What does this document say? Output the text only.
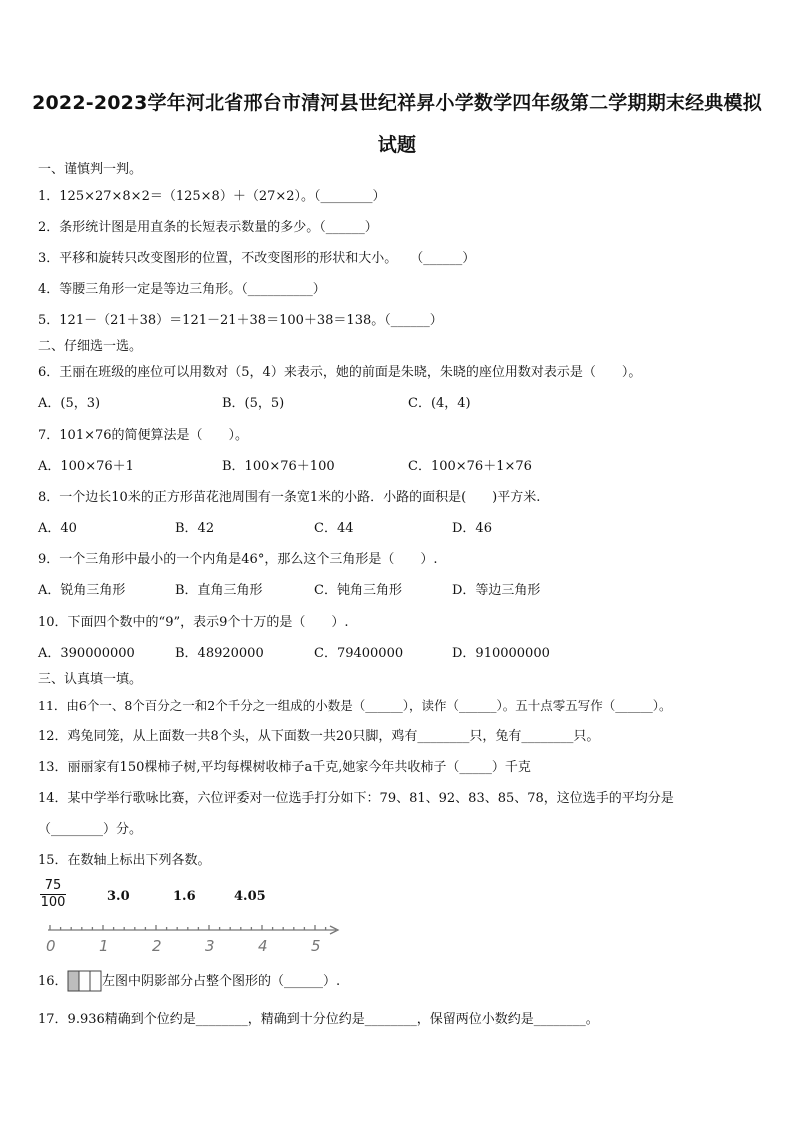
2022-2023学年河北省邢台市清河县世纪祥昇小学数学四年级第二学期期末经典模拟
试题
一、谨慎判一判。
1．125×27×8×2＝（125×8）＋（27×2）。（________）
2．条形统计图是用直条的长短表示数量的多少。（______）
3．平移和旋转只改变图形的位置，不改变图形的形状和大小。　　（______）
4．等腰三角形一定是等边三角形。（__________）
5．121－（21＋38）＝121－21＋38＝100＋38＝138。（______）
二、仔细选一选。
6．王丽在班级的座位可以用数对（5，4）来表示，她的前面是朱晓，朱晓的座位用数对表示是（　　）。
A．(5，3)	B．(5，5)	C．(4，4)
7．101×76的简便算法是（　　）。
A．100×76＋1	B．100×76＋100	C．100×76＋1×76
8．一个边长10米的正方形苗花池周围有一条宽1米的小路．小路的面积是(　　)平方米.
A．40	B．42	C．44	D．46
9．一个三角形中最小的一个内角是46°，那么这个三角形是（　　）.
A．锐角三角形	B．直角三角形	C．钝角三角形	D．等边三角形
10．下面四个数中的“9”，表示9个十万的是（　　）.
A．390000000	B．48920000	C．79400000	D．910000000
三、认真填一填。
11．由6个一、8个百分之一和2个千分之一组成的小数是（______），读作（______）。五十点零五写作（______）。
12．鸡兔同笼，从上面数一共8个头，从下面数一共20只脚，鸡有________只，兔有________只。
13．丽丽家有150棵柿子树,平均每棵树收柿子a千克,她家今年共收柿子（_____）千克
14．某中学举行歌咏比赛，六位评委对一位选手打分如下：79、81、92、83、85、78，这位选手的平均分是
（________）分。
15．在数轴上标出下列各数。
$\frac{75}{100}$	3.0	1.6	4.05
0	1	2	3	4	5
16．	左图中阴影部分占整个图形的（______）.
17．9.936精确到个位约是________，精确到十分位约是________，保留两位小数约是________。
